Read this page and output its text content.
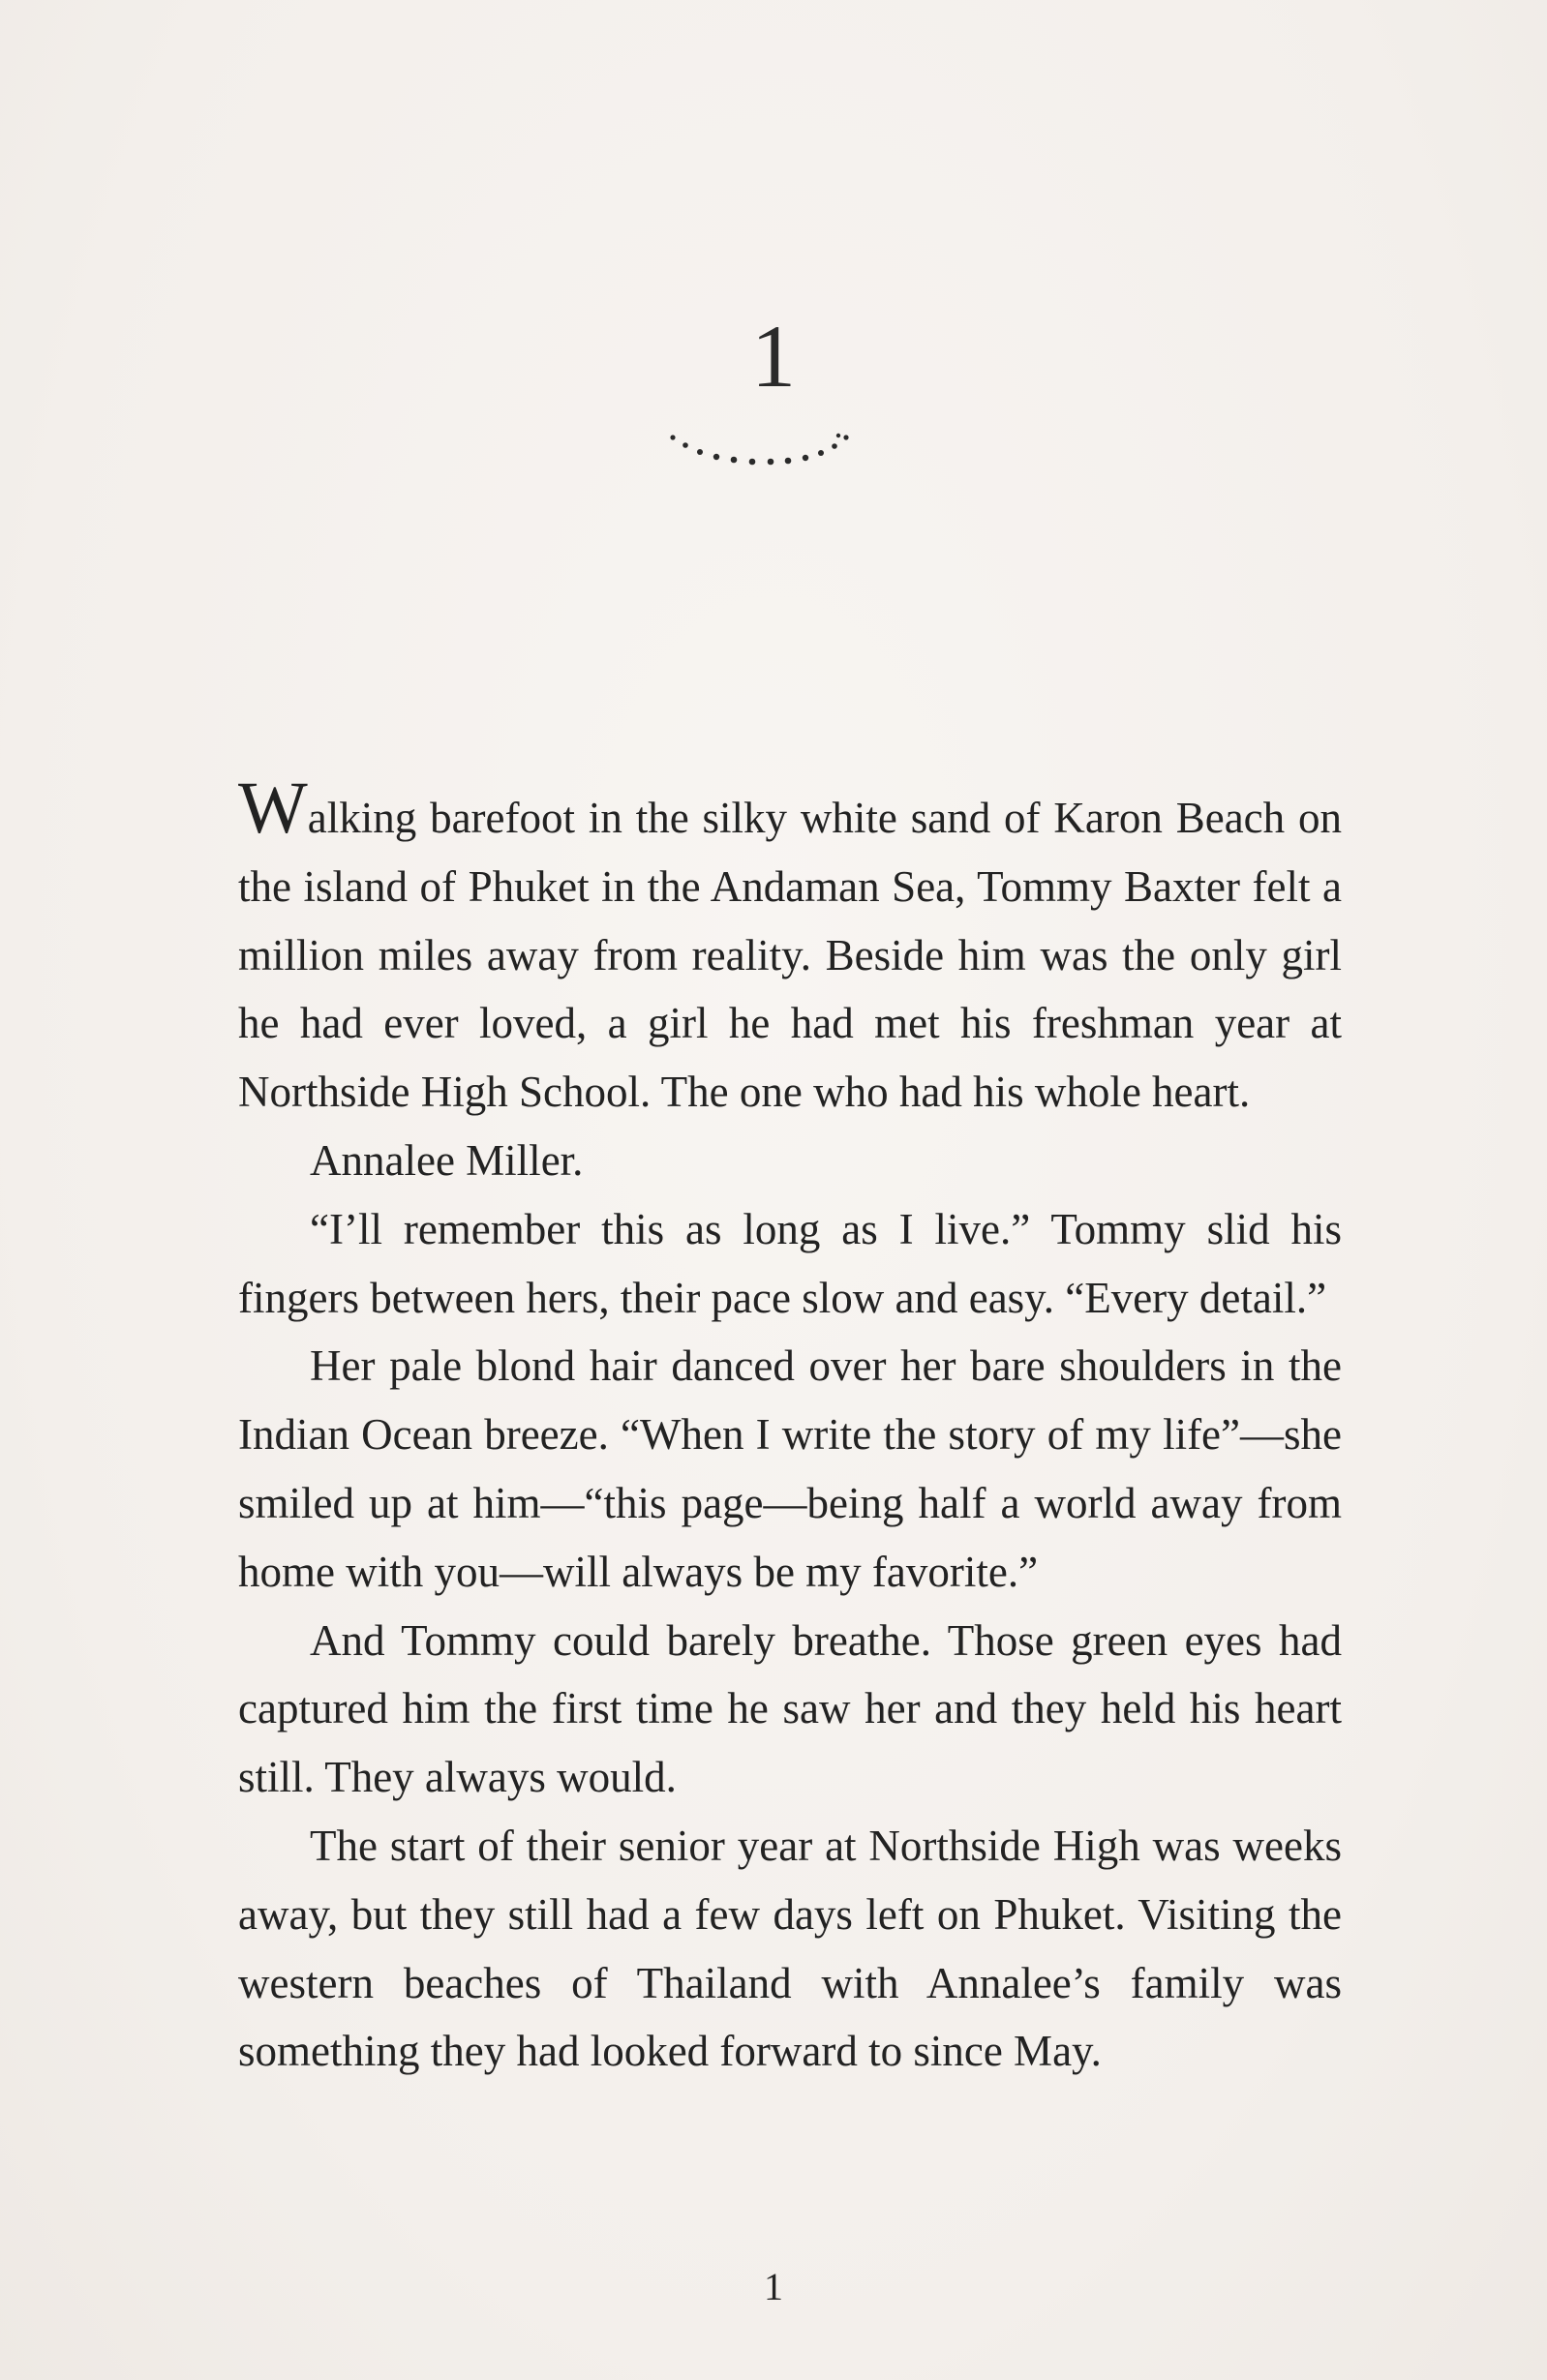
1

Walking barefoot in the silky white sand of Karon Beach on the island of Phuket in the Andaman Sea, Tommy Baxter felt a million miles away from reality. Beside him was the only girl he had ever loved, a girl he had met his freshman year at Northside High School. The one who had his whole heart.

Annalee Miller.

“I’ll remember this as long as I live.” Tommy slid his fingers between hers, their pace slow and easy. “Every detail.”

Her pale blond hair danced over her bare shoulders in the Indian Ocean breeze. “When I write the story of my life”—she smiled up at him—“this page—being half a world away from home with you—will always be my favorite.”

And Tommy could barely breathe. Those green eyes had captured him the first time he saw her and they held his heart still. They always would.

The start of their senior year at Northside High was weeks away, but they still had a few days left on Phuket. Visiting the western beaches of Thailand with Annalee’s family was something they had looked forward to since May.

1
